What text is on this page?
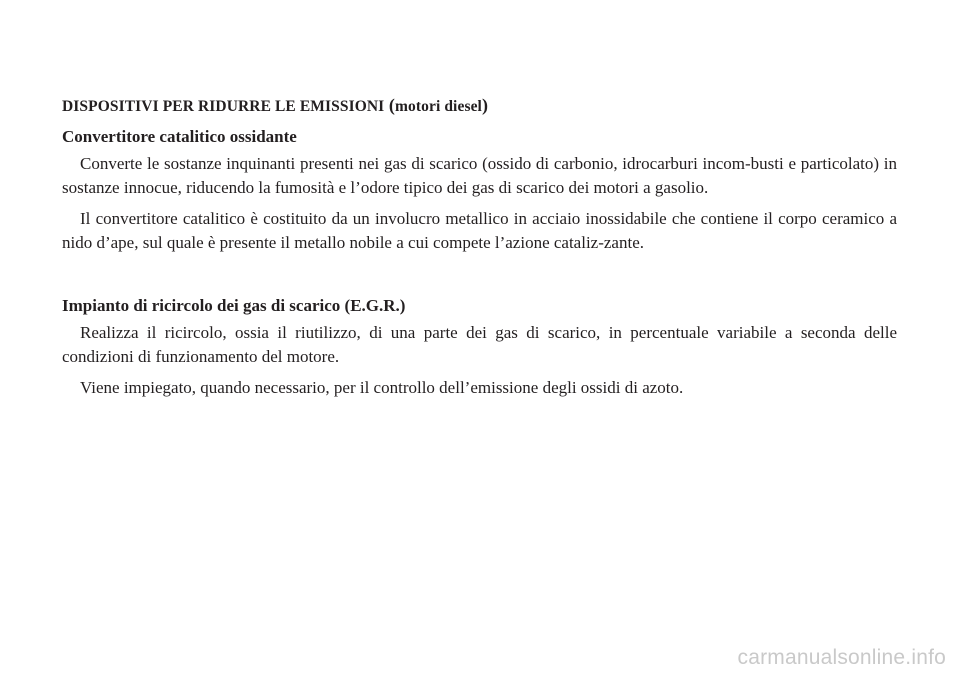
DISPOSITIVI PER RIDURRE LE EMISSIONI (motori diesel)
Convertitore catalitico ossidante

Converte le sostanze inquinanti presenti nei gas di scarico (ossido di carbonio, idrocarburi incom-busti e particolato) in sostanze innocue, riducendo la fumosità e l’odore tipico dei gas di scarico dei motori a gasolio.

Il convertitore catalitico è costituito da un involucro metallico in acciaio inossidabile che contiene il corpo ceramico a nido d’ape, sul quale è presente il metallo nobile a cui compete l’azione cataliz-zante.

Impianto di ricircolo dei gas di scarico (E.G.R.)

Realizza il ricircolo, ossia il riutilizzo, di una parte dei gas di scarico, in percentuale variabile a seconda delle condizioni di funzionamento del motore.

Viene impiegato, quando necessario, per il controllo dell’emissione degli ossidi di azoto.

carmanualsonline.info
